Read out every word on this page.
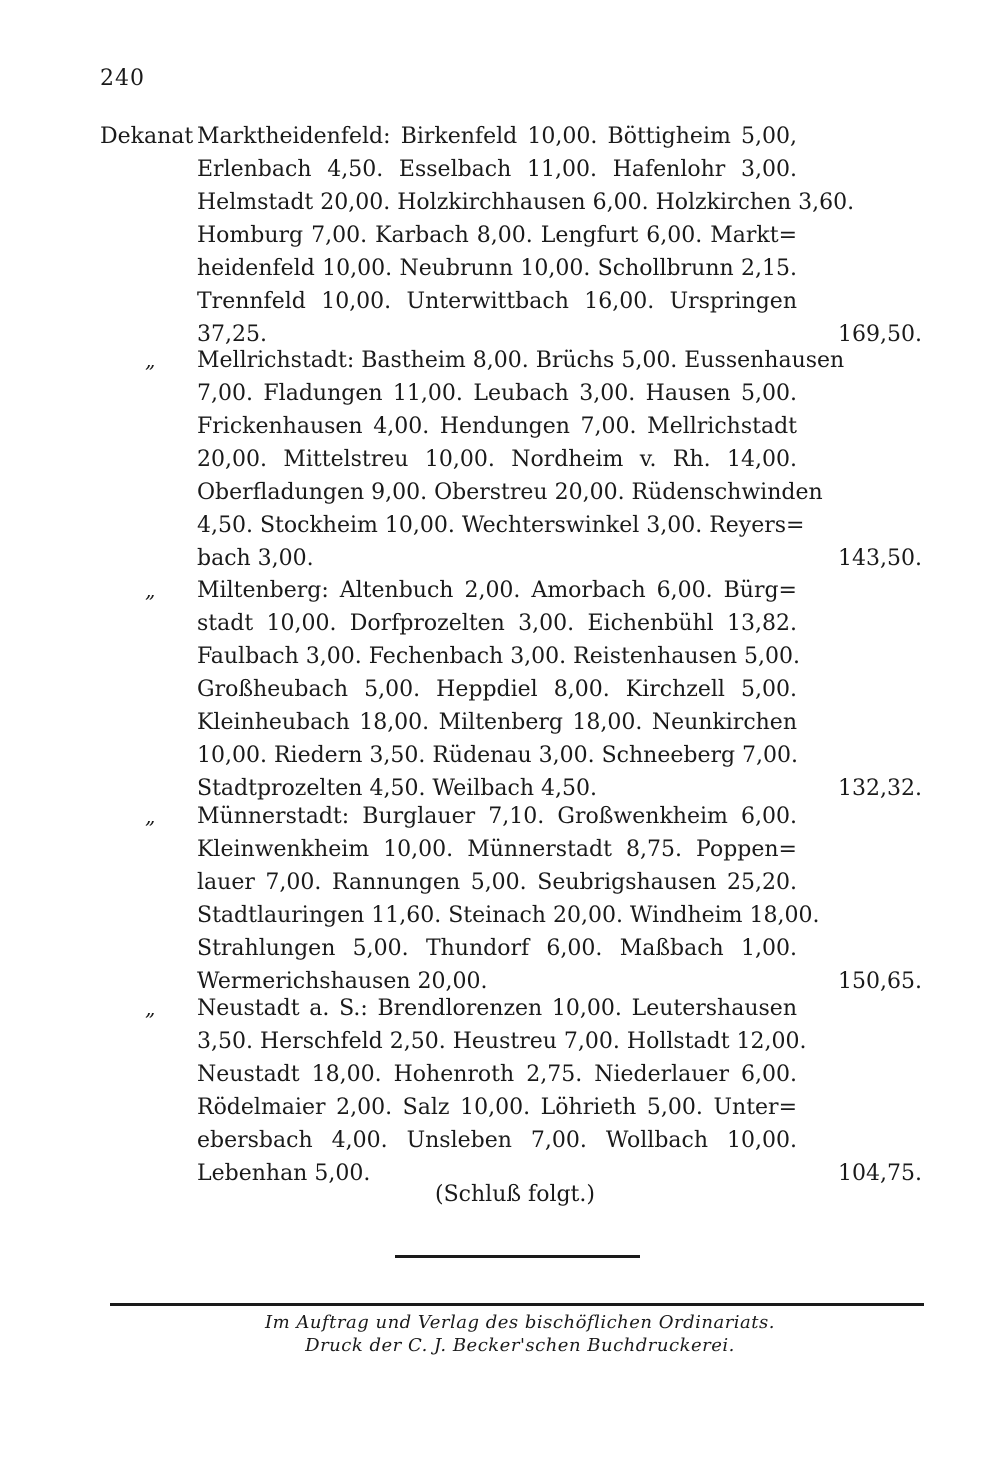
240
Dekanat Marktheidenfeld: Birkenfeld 10,00. Böttigheim 5,00,
Erlenbach 4,50. Esselbach 11,00. Hafenlohr 3,00.
Helmstadt 20,00. Holzkirchhausen 6,00. Holzkirchen 3,60.
Homburg 7,00. Karbach 8,00. Lengfurt 6,00. Markt=
heidenfeld 10,00. Neubrunn 10,00. Schollbrunn 2,15.
Trennfeld 10,00. Unterwittbach 16,00. Urspringen
37,25.	169,50.
„ Mellrichstadt: Bastheim 8,00. Brüchs 5,00. Eussenhausen
7,00. Fladungen 11,00. Leubach 3,00. Hausen 5,00.
Frickenhausen 4,00. Hendungen 7,00. Mellrichstadt
20,00. Mittelstreu 10,00. Nordheim v. Rh. 14,00.
Oberfladungen 9,00. Oberstreu 20,00. Rüdenschwinden
4,50. Stockheim 10,00. Wechterswinkel 3,00. Reyers=
bach 3,00.	143,50.
„ Miltenberg: Altenbuch 2,00. Amorbach 6,00. Bürg=
stadt 10,00. Dorfprozelten 3,00. Eichenbühl 13,82.
Faulbach 3,00. Fechenbach 3,00. Reistenhausen 5,00.
Großheubach 5,00. Heppdiel 8,00. Kirchzell 5,00.
Kleinheubach 18,00. Miltenberg 18,00. Neunkirchen
10,00. Riedern 3,50. Rüdenau 3,00. Schneeberg 7,00.
Stadtprozelten 4,50. Weilbach 4,50.	132,32.
„ Münnerstadt: Burglauer 7,10. Großwenkheim 6,00.
Kleinwenkheim 10,00. Münnerstadt 8,75. Poppen=
lauer 7,00. Rannungen 5,00. Seubrigshausen 25,20.
Stadtlauringen 11,60. Steinach 20,00. Windheim 18,00.
Strahlungen 5,00. Thundorf 6,00. Maßbach 1,00.
Wermerichshausen 20,00.	150,65.
„ Neustadt a. S.: Brendlorenzen 10,00. Leutershausen
3,50. Herschfeld 2,50. Heustreu 7,00. Hollstadt 12,00.
Neustadt 18,00. Hohenroth 2,75. Niederlauer 6,00.
Rödelmaier 2,00. Salz 10,00. Löhrieth 5,00. Unter=
ebersbach 4,00. Unsleben 7,00. Wollbach 10,00.
Lebenhan 5,00.	104,75.
(Schluß folgt.)
Im Auftrag und Verlag des bischöflichen Ordinariats.
Druck der C. J. Becker'schen Buchdruckerei.
